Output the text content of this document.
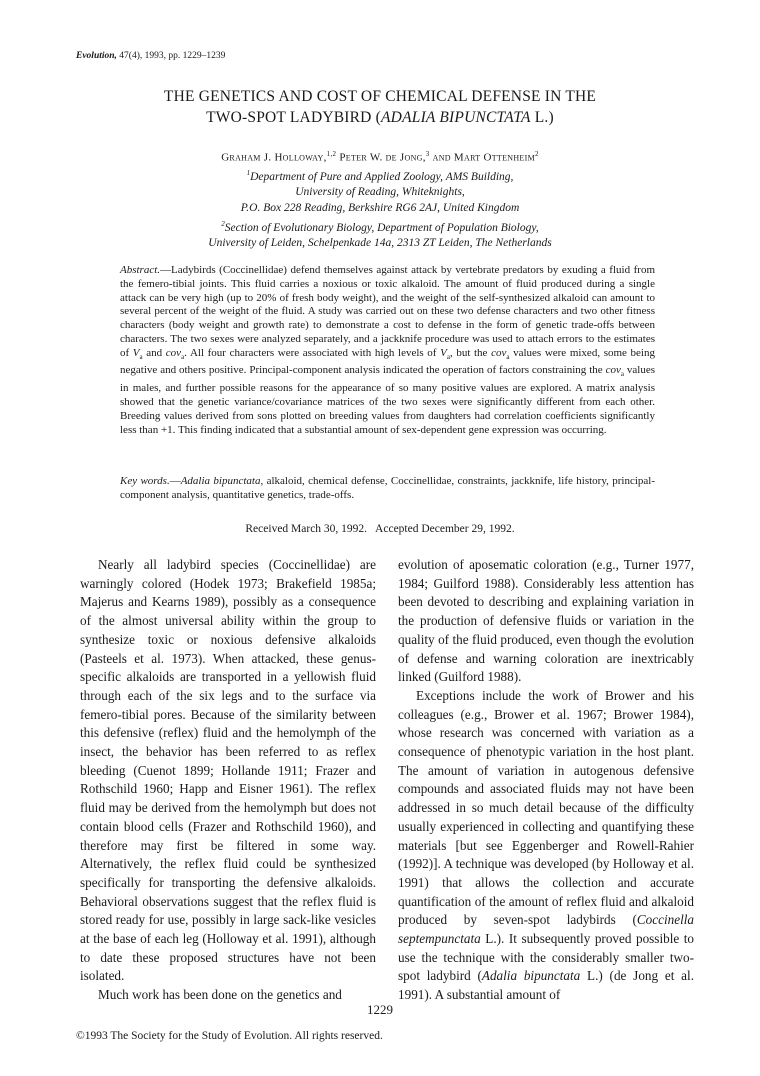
Evolution, 47(4), 1993, pp. 1229–1239
THE GENETICS AND COST OF CHEMICAL DEFENSE IN THE
TWO-SPOT LADYBIRD (ADALIA BIPUNCTATA L.)
Graham J. Holloway,$^{1,2}$ Peter W. de Jong,$^3$ and Mart Ottenheim$^2$
$^1$Department of Pure and Applied Zoology, AMS Building,
University of Reading, Whiteknights,
P.O. Box 228 Reading, Berkshire RG6 2AJ, United Kingdom
$^2$Section of Evolutionary Biology, Department of Population Biology,
University of Leiden, Schelpenkade 14a, 2313 ZT Leiden, The Netherlands
Abstract.—Ladybirds (Coccinellidae) defend themselves against attack by vertebrate predators by exuding a fluid from the femero-tibial joints. This fluid carries a noxious or toxic alkaloid. The amount of fluid produced during a single attack can be very high (up to 20% of fresh body weight), and the weight of the self-synthesized alkaloid can amount to several percent of the weight of the fluid. A study was carried out on these two defense characters and two other fitness characters (body weight and growth rate) to demonstrate a cost to defense in the form of genetic trade-offs between characters. The two sexes were analyzed separately, and a jackknife procedure was used to attach errors to the estimates of $V_a$ and cov$_a$. All four characters were associated with high levels of $V_a$, but the cov$_a$ values were mixed, some being negative and others positive. Principal-component analysis indicated the operation of factors constraining the cov$_a$ values in males, and further possible reasons for the appearance of so many positive values are explored. A matrix analysis showed that the genetic variance/covariance matrices of the two sexes were significantly different from each other. Breeding values derived from sons plotted on breeding values from daughters had correlation coefficients significantly less than +1. This finding indicated that a substantial amount of sex-dependent gene expression was occurring.
Key words.—Adalia bipunctata, alkaloid, chemical defense, Coccinellidae, constraints, jackknife, life history, principal-component analysis, quantitative genetics, trade-offs.
Received March 30, 1992.   Accepted December 29, 1992.

Nearly all ladybird species (Coccinellidae) are warningly colored (Hodek 1973; Brakefield 1985a; Majerus and Kearns 1989), possibly as a consequence of the almost universal ability within the group to synthesize toxic or noxious defensive alkaloids (Pasteels et al. 1973). When attacked, these genus-specific alkaloids are transported in a yellowish fluid through each of the six legs and to the surface via femero-tibial pores. Because of the similarity between this defensive (reflex) fluid and the hemolymph of the insect, the behavior has been referred to as reflex bleeding (Cuenot 1899; Hollande 1911; Frazer and Rothschild 1960; Happ and Eisner 1961). The reflex fluid may be derived from the hemolymph but does not contain blood cells (Frazer and Rothschild 1960), and therefore may first be filtered in some way. Alternatively, the reflex fluid could be synthesized specifically for transporting the defensive alkaloids. Behavioral observations suggest that the reflex fluid is stored ready for use, possibly in large sack-like vesicles at the base of each leg (Holloway et al. 1991), although to date these proposed structures have not been isolated.

Much work has been done on the genetics and

evolution of aposematic coloration (e.g., Turner 1977, 1984; Guilford 1988). Considerably less attention has been devoted to describing and explaining variation in the production of defensive fluids or variation in the quality of the fluid produced, even though the evolution of defense and warning coloration are inextricably linked (Guilford 1988).

Exceptions include the work of Brower and his colleagues (e.g., Brower et al. 1967; Brower 1984), whose research was concerned with variation as a consequence of phenotypic variation in the host plant. The amount of variation in autogenous defensive compounds and associated fluids may not have been addressed in so much detail because of the difficulty usually experienced in collecting and quantifying these materials [but see Eggenberger and Rowell-Rahier (1992)]. A technique was developed (by Holloway et al. 1991) that allows the collection and accurate quantification of the amount of reflex fluid and alkaloid produced by seven-spot ladybirds (Coccinella septempunctata L.). It subsequently proved possible to use the technique with the considerably smaller two-spot ladybird (Adalia bipunctata L.) (de Jong et al. 1991). A substantial amount of

1229
©1993 The Society for the Study of Evolution. All rights reserved.
